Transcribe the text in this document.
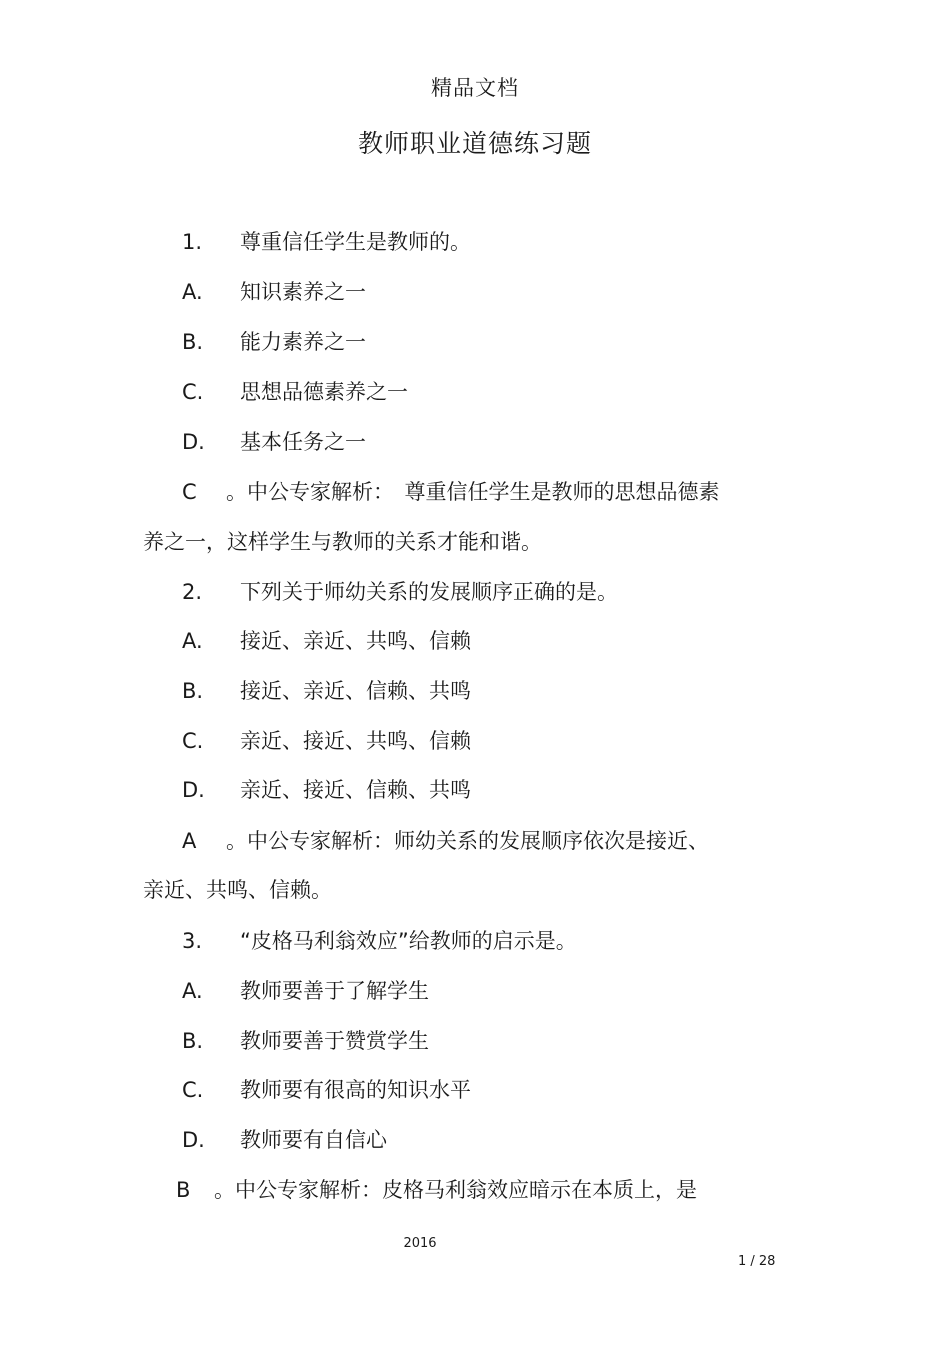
精品文档
教师职业道德练习题
1. 尊重信任学生是教师的。
A. 知识素养之一
B. 能力素养之一
C. 思想品德素养之一
D. 基本任务之一
C 。中公专家解析：　尊重信任学生是教师的思想品德素
养之一，这样学生与教师的关系才能和谐。
2. 下列关于师幼关系的发展顺序正确的是。
A. 接近、亲近、共鸣、信赖
B. 接近、亲近、信赖、共鸣
C. 亲近、接近、共鸣、信赖
D. 亲近、接近、信赖、共鸣
A 。中公专家解析：师幼关系的发展顺序依次是接近、
亲近、共鸣、信赖。
3. “皮格马利翁效应”给教师的启示是。
A. 教师要善于了解学生
B. 教师要善于赞赏学生
C. 教师要有很高的知识水平
D. 教师要有自信心
B 。中公专家解析：皮格马利翁效应暗示在本质上，是
2016
1 / 28
